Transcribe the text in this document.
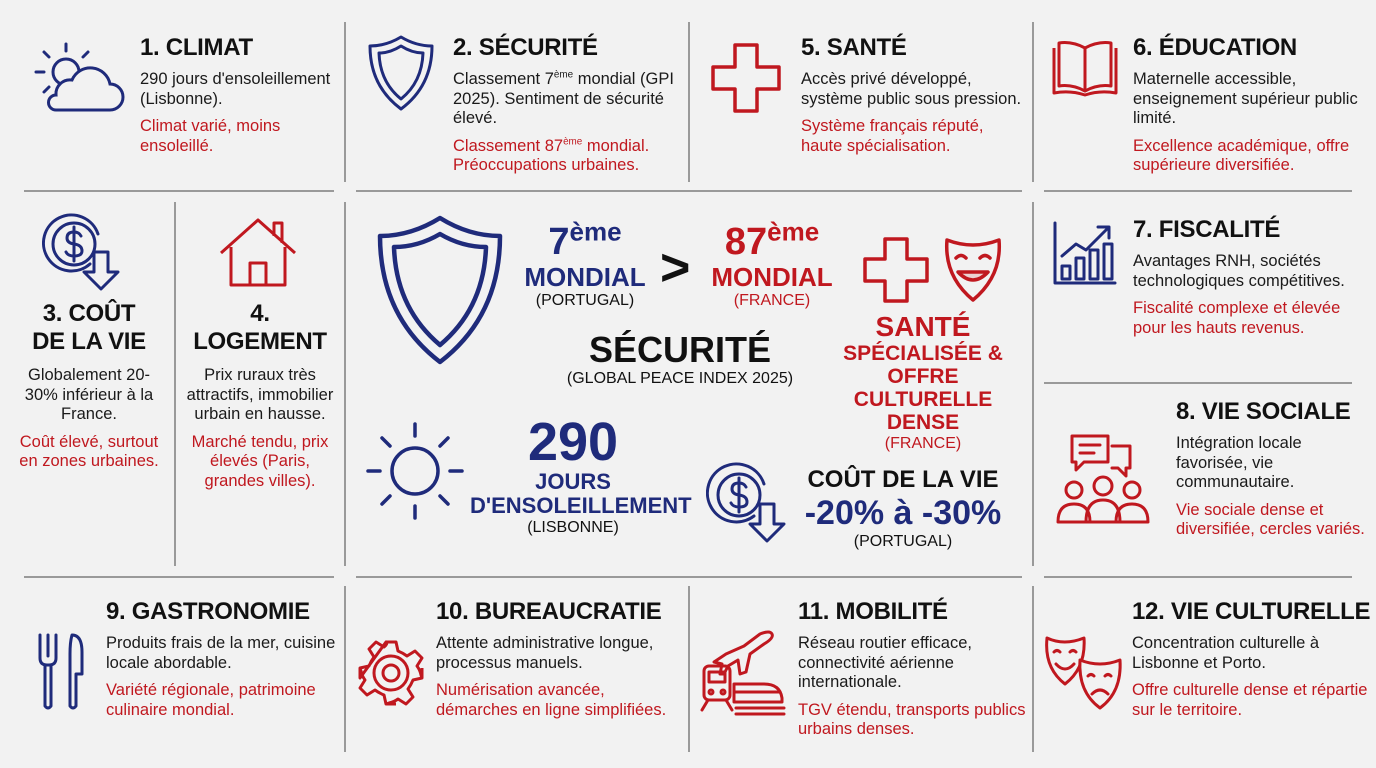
1. CLIMAT

290 jours d'ensoleillement (Lisbonne).

Climat varié, moins ensoleillé.

2. SÉCURITÉ

Classement 7ème mondial (GPI 2025). Sentiment de sécurité élevé.

Classement 87ème mondial. Préoccupations urbaines.

5. SANTÉ

Accès privé développé, système public sous pression.

Système français réputé, haute spécialisation.

6. ÉDUCATION

Maternelle accessible, enseignement supérieur public limité.

Excellence académique, offre supérieure diversifiée.

3. COÛT
DE LA VIE

Globalement 20-30% inférieur à la France.

Coût élevé, surtout en zones urbaines.

4.
LOGEMENT

Prix ruraux très attractifs, immobilier urbain en hausse.

Marché tendu, prix élevés (Paris, grandes villes).

7ème
MONDIAL
(PORTUGAL)
> 87ème
MONDIAL
(FRANCE)
SÉCURITÉ
(GLOBAL PEACE INDEX 2025)
SANTÉ
SPÉCIALISÉE &
OFFRE
CULTURELLE DENSE
(FRANCE)
290
JOURS
D'ENSOLEILLEMENT
(LISBONNE)
COÛT DE LA VIE
-20% à -30%
(PORTUGAL)
7. FISCALITÉ

Avantages RNH, sociétés technologiques compétitives.

Fiscalité complexe et élevée pour les hauts revenus.

8. VIE SOCIALE

Intégration locale favorisée, vie communautaire.

Vie sociale dense et diversifiée, cercles variés.

9. GASTRONOMIE

Produits frais de la mer, cuisine locale abordable.

Variété régionale, patrimoine culinaire mondial.

10. BUREAUCRATIE

Attente administrative longue, processus manuels.

Numérisation avancée, démarches en ligne simplifiées.

11. MOBILITÉ

Réseau routier efficace, connectivité aérienne internationale.

TGV étendu, transports publics urbains denses.

12. VIE CULTURELLE

Concentration culturelle à Lisbonne et Porto.

Offre culturelle dense et répartie sur le territoire.
